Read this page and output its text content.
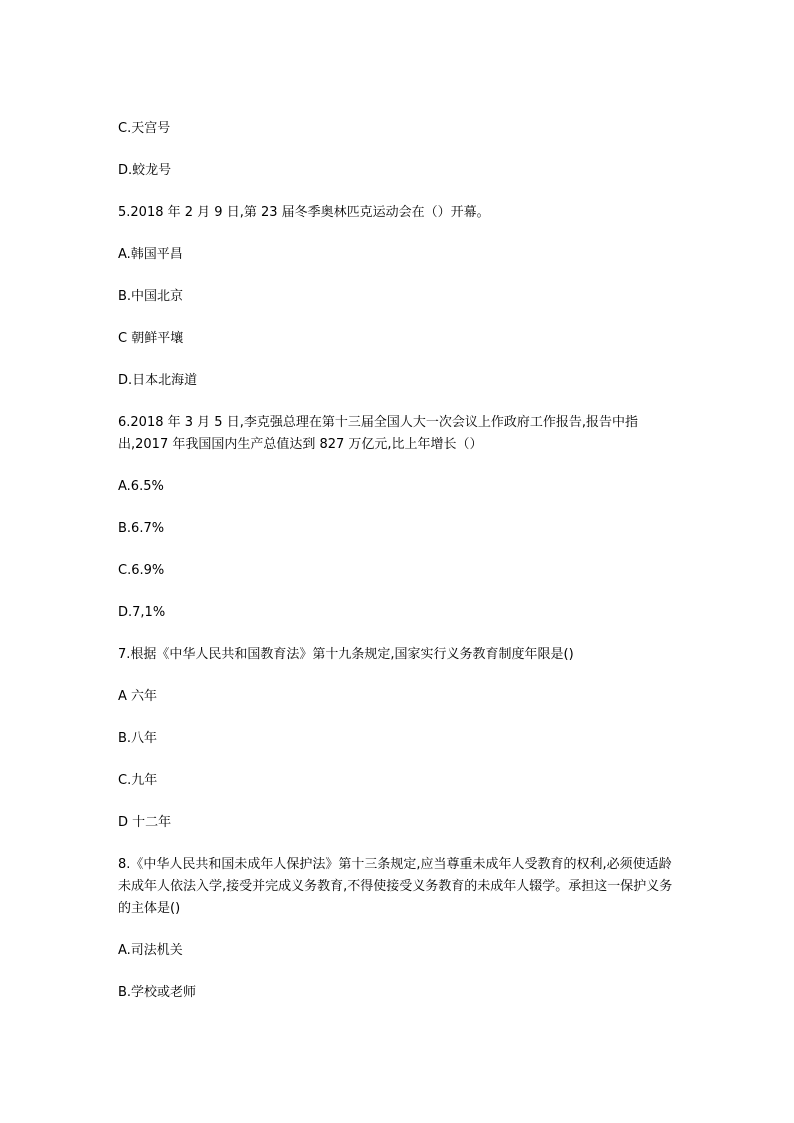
C.天宫号

D.蛟龙号

5.2018 年 2 月 9 日,第 23 届冬季奥林匹克运动会在（）开幕。

A.韩国平昌

B.中国北京

C 朝鲜平壤

D.日本北海道

6.2018 年 3 月 5 日,李克强总理在第十三届全国人大一次会议上作政府工作报告,报告中指出,2017 年我国国内生产总值达到 827 万亿元,比上年增长（）

A.6.5%

B.6.7%

C.6.9%

D.7,1%

7.根据《中华人民共和国教育法》第十九条规定,国家实行义务教育制度年限是()

A 六年

B.八年

C.九年

D 十二年

8.《中华人民共和国未成年人保护法》第十三条规定,应当尊重未成年人受教育的权利,必须使适龄未成年人依法入学,接受并完成义务教育,不得使接受义务教育的未成年人辍学。承担这一保护义务的主体是()

A.司法机关

B.学校或老师
